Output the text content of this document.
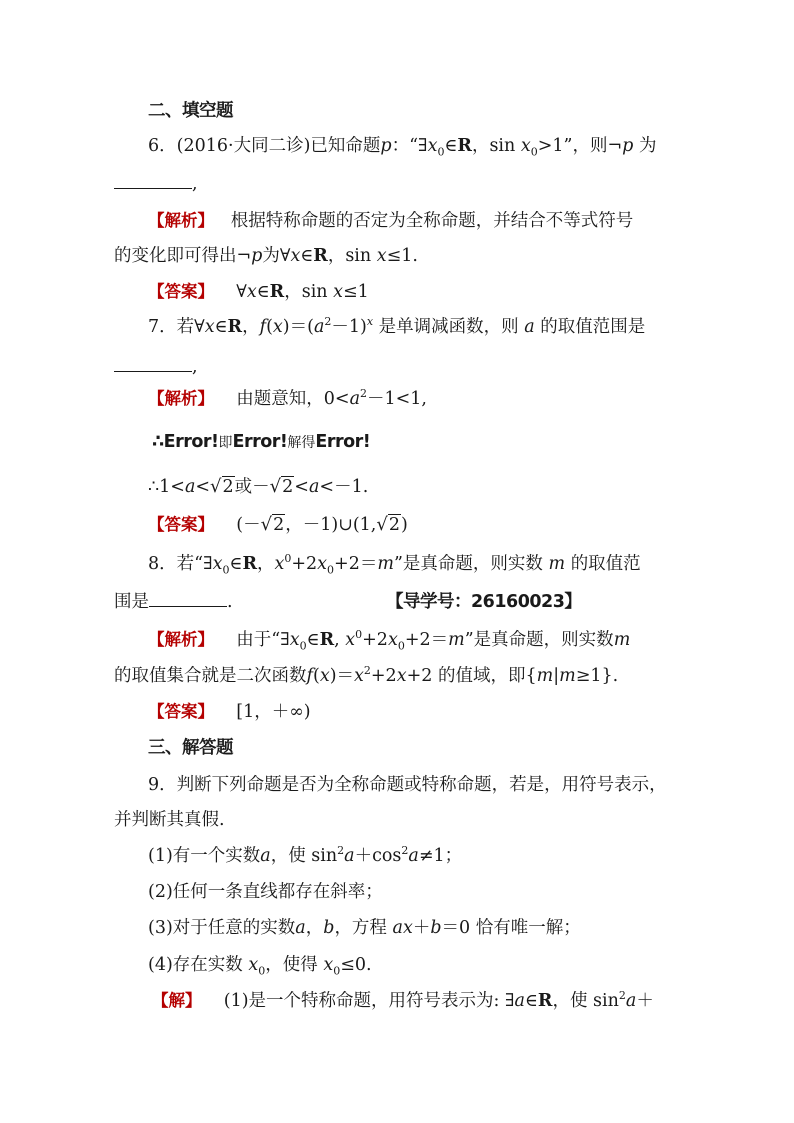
二、填空题
6．(2016·大同二诊)已知命题p：“$\exists x_0\in R$，$\sin x_0>1$”，则¬p 为
,
【解析】 根据特称命题的否定为全称命题，并结合不等式符号
的变化即可得出¬p为∀x∈R，sin x≤1.
【答案】 ∀x∈R，sin x≤1
7．若∀x∈R，$f(x)=(a^2-1)^x$ 是单调减函数，则 a 的取值范围是
,
【解析】 由题意知，$0<a^2-1<1$,
∴Error!即Error!解得Error!
∴1<a<√2或－√2<a<－1.
【答案】 (－√2，－1)∪(1,√2)
8．若“$\exists x_0\in R$，$x^0+2x_0+2=m$”是真命题，则实数 m 的取值范
围是	.	【导学号：26160023】
【解析】 由于“$\exists x_0\in R$, $x^0+2x_0+2=m$”是真命题，则实数m
的取值集合就是二次函数$f(x)=x^2+2x+2$ 的值域，即{m|m≥1}.
【答案】 [1，＋∞)
三、解答题
9．判断下列命题是否为全称命题或特称命题，若是，用符号表示，
并判断其真假.
(1)有一个实数a，使 $\sin^2a+\cos^2a\ne 1$；
(2)任何一条直线都存在斜率；
(3)对于任意的实数a，b，方程 ax＋b＝0 恰有唯一解；
(4)存在实数 $x_0$，使得 $x_0\le 0$.
【解】 (1)是一个特称命题，用符号表示为: ∃a∈R，使 $\sin^2a+$
